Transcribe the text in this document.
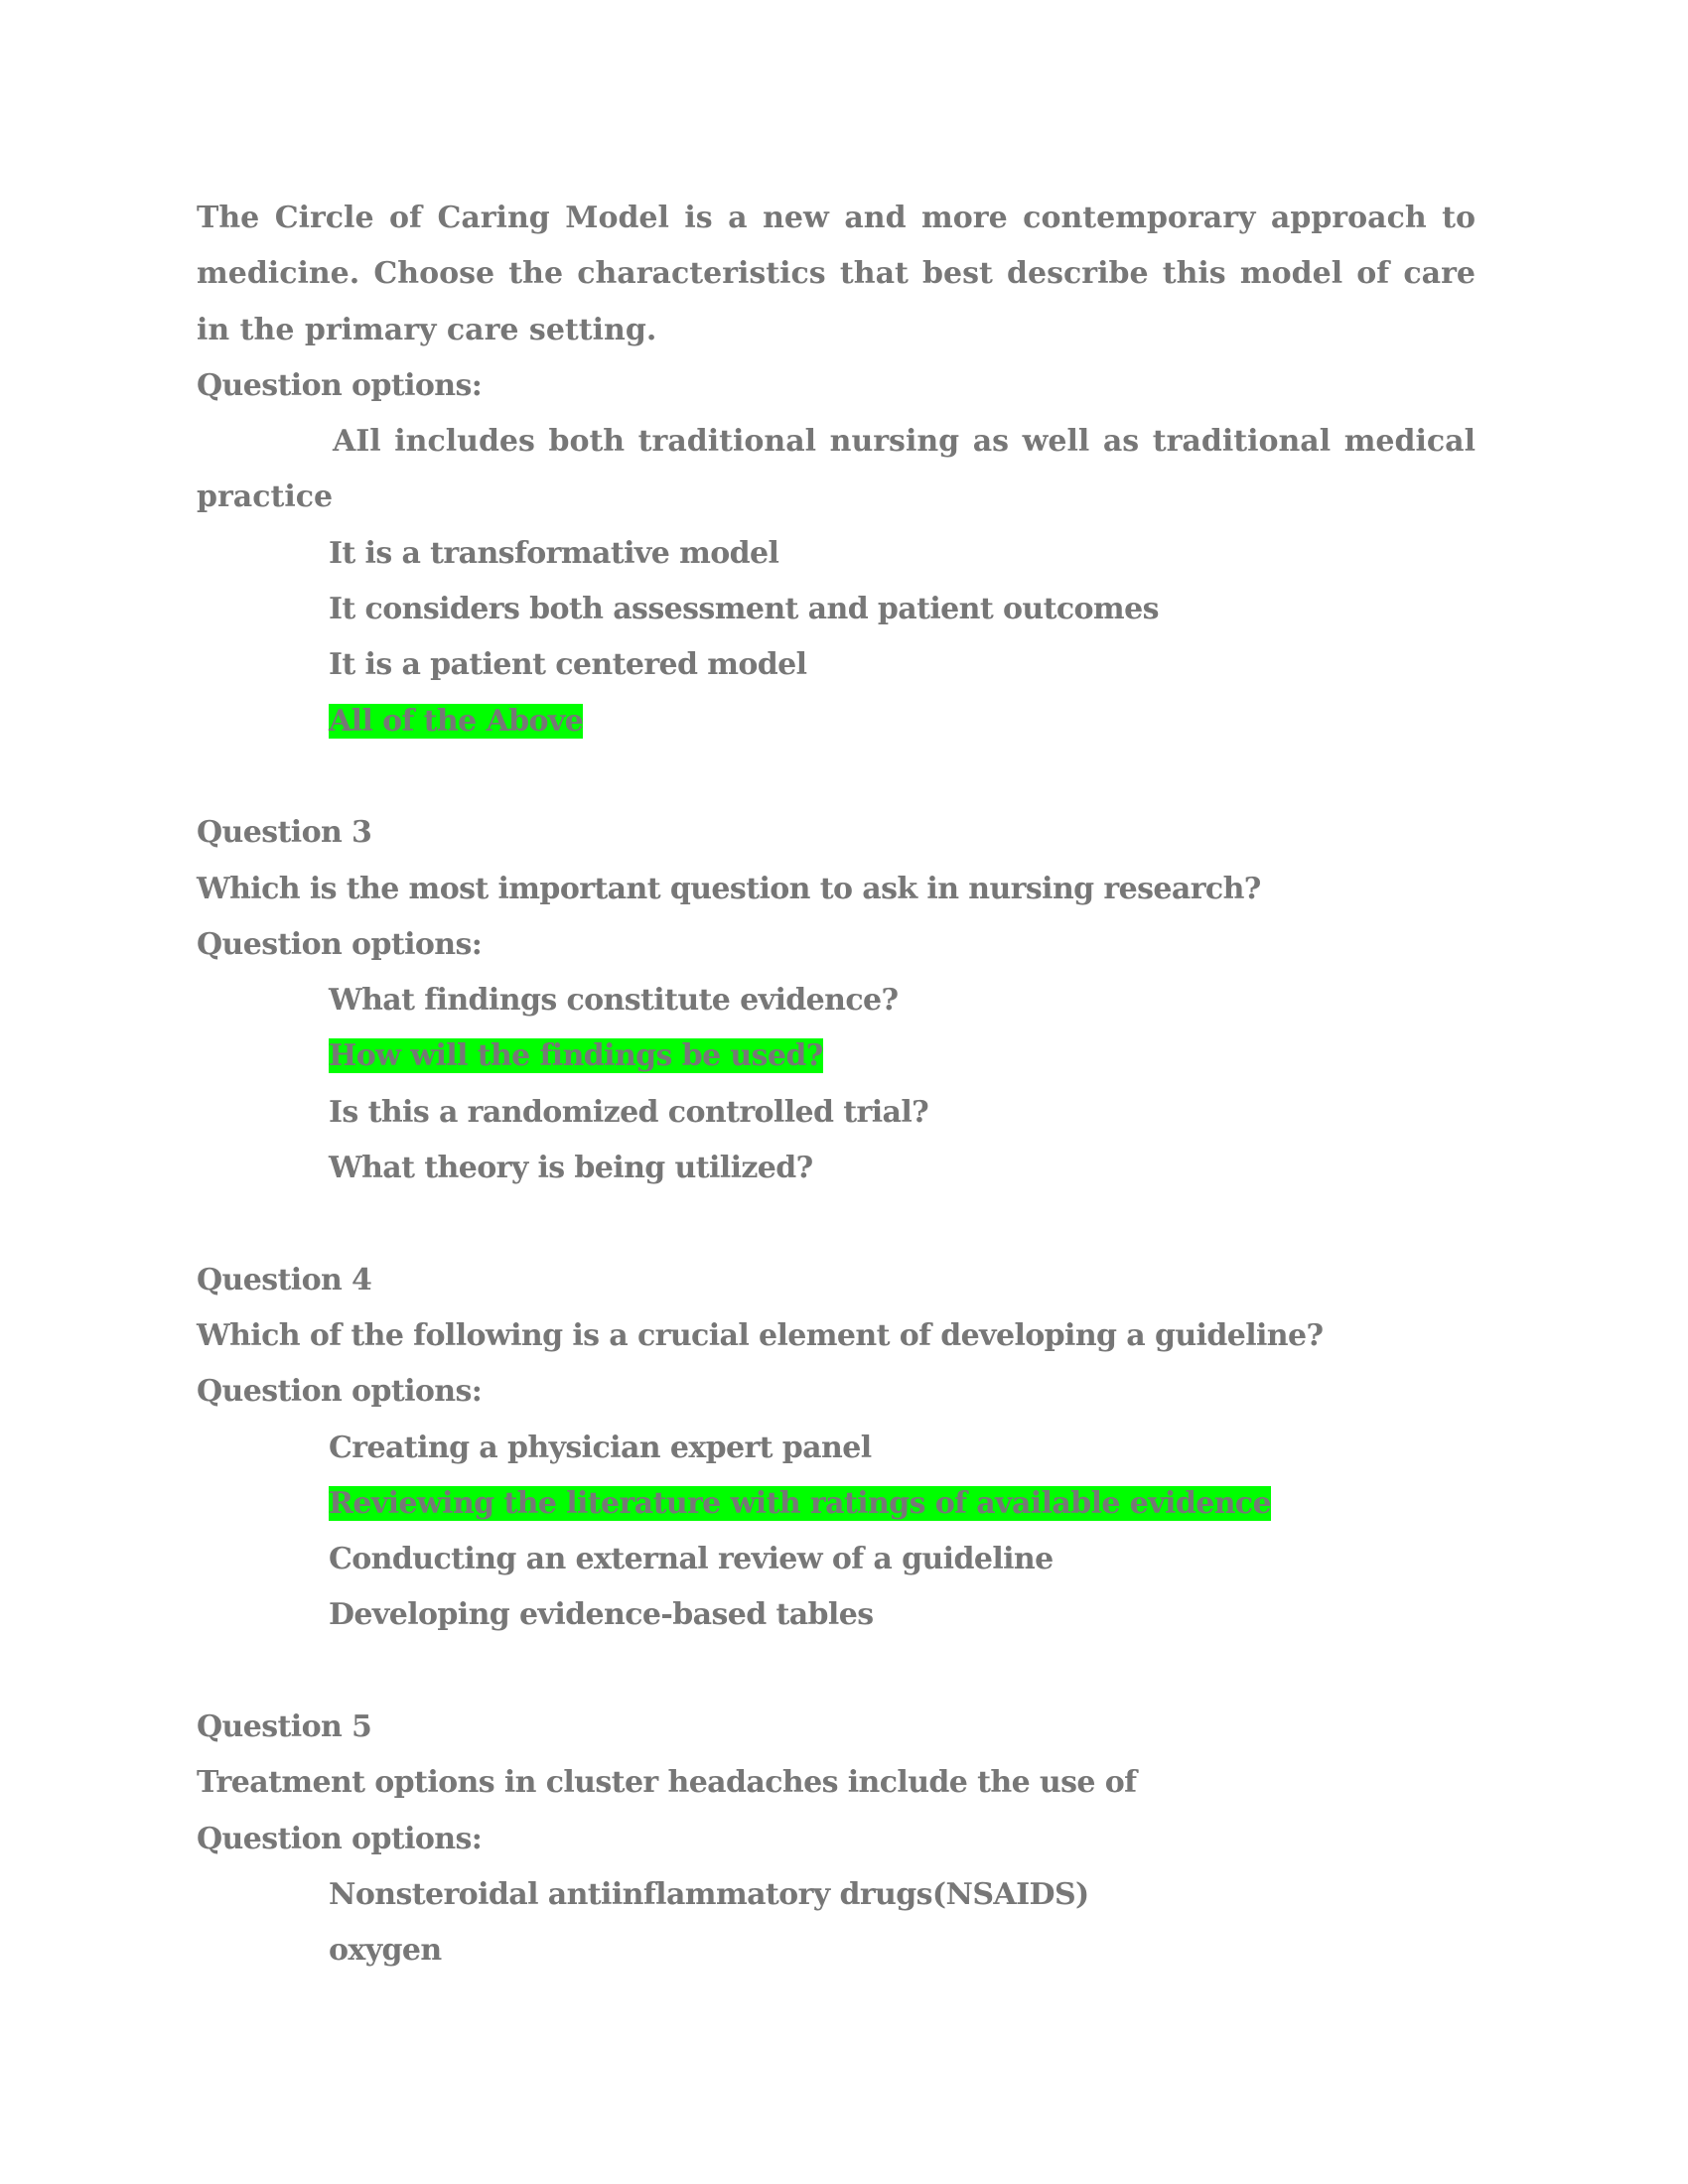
The Circle of Caring Model is a new and more contemporary approach to medicine. Choose the characteristics that best describe this model of care in the primary care setting.

Question options:

AIl includes both traditional nursing as well as traditional medical practice

It is a transformative model

It considers both assessment and patient outcomes

It is a patient centered model

All of the Above

Question 3

Which is the most important question to ask in nursing research?

Question options:

What findings constitute evidence?

How will the findings be used?

Is this a randomized controlled trial?

What theory is being utilized?

Question 4

Which of the following is a crucial element of developing a guideline?

Question options:

Creating a physician expert panel

Reviewing the literature with ratings of available evidence

Conducting an external review of a guideline

Developing evidence-based tables

Question 5

Treatment options in cluster headaches include the use of

Question options:

Nonsteroidal antiinflammatory drugs(NSAIDS)

oxygen
